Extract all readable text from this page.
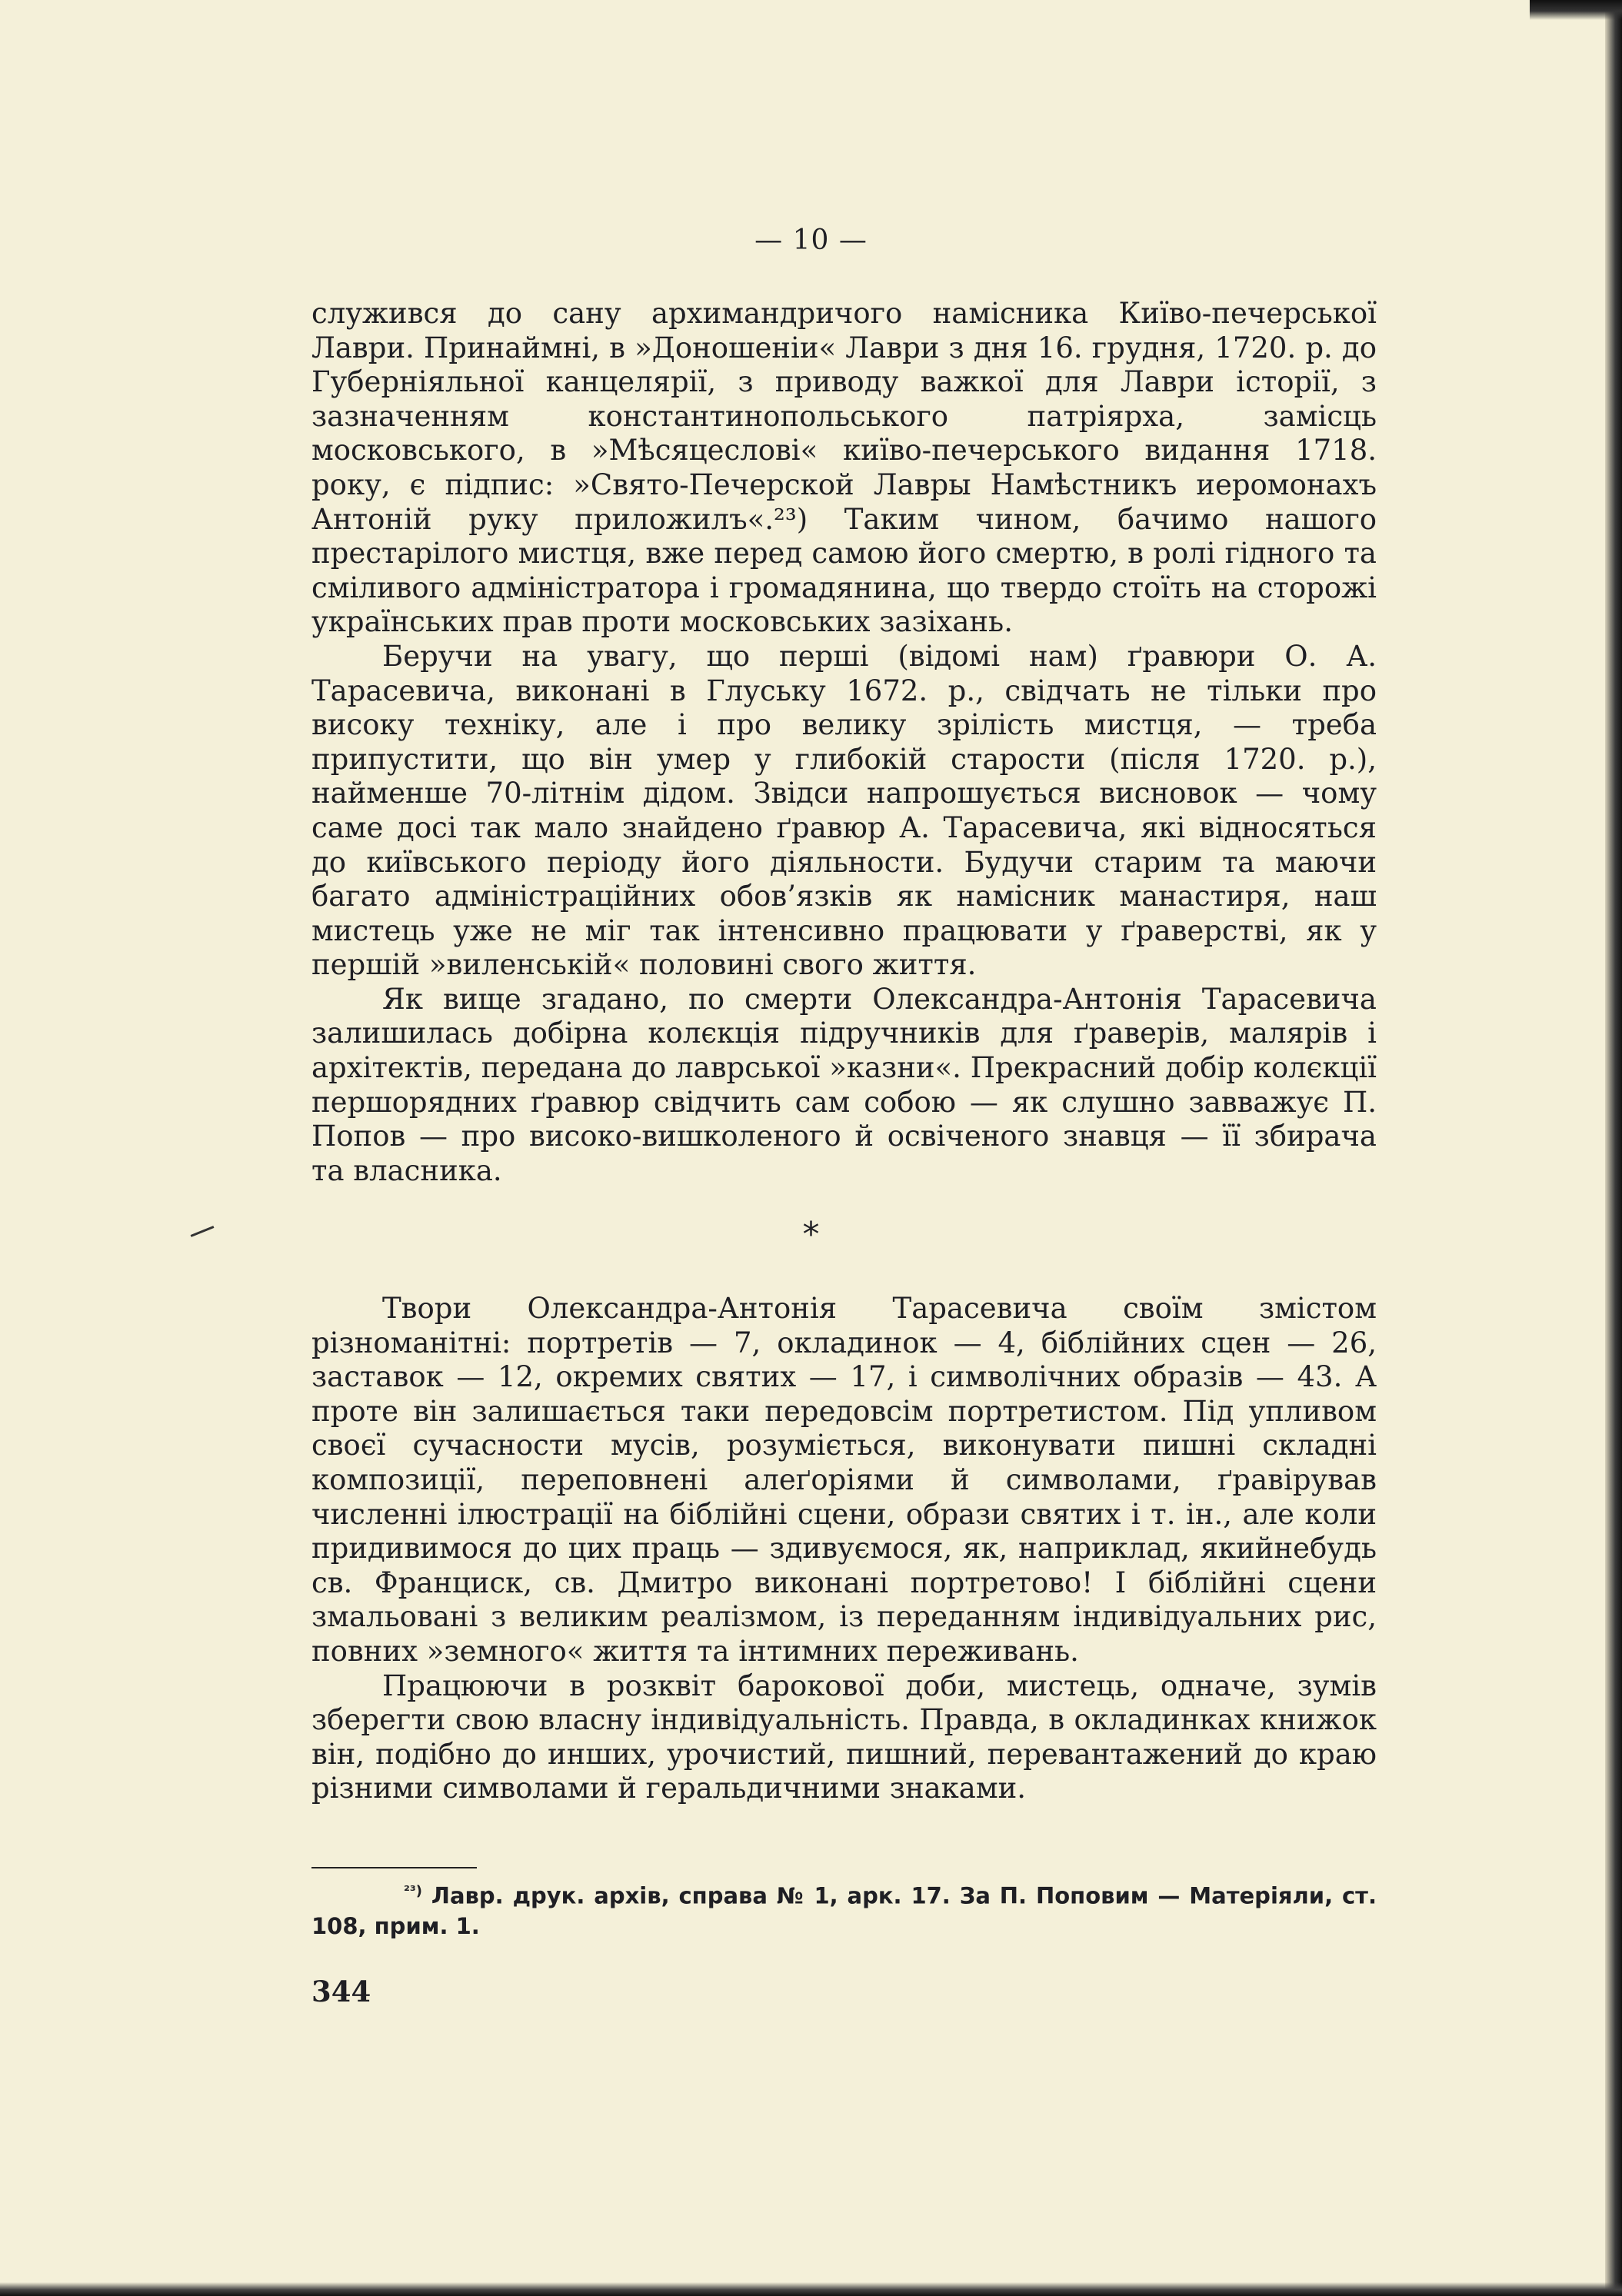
— 10 —

служився до сану архимандричого намісника Київо-печерської Лаври. Принаймні, в »Доношеніи« Лаври з дня 16. грудня, 1720. р. до Губерніяльної канцелярії, з приводу важкої для Лаври історії, з зазначенням константинопольського патріярха, замісць московського, в »Мѣсяцеслові« київо-печерського видання 1718. року, є підпис: »Свято-Печерской Лавры Намѣстникъ иеромонахъ Антоній руку приложилъ«.²³) Таким чином, бачимо нашого престарілого мистця, вже перед самою його смертю, в ролі гідного та сміливого адміністратора і громадянина, що твердо стоїть на сторожі українських прав проти московських зазіхань.

Беручи на увагу, що перші (відомі нам) ґравюри О. А. Тарасевича, виконані в Глуську 1672. р., свідчать не тільки про високу техніку, але і про велику зрілість мистця, — треба припустити, що він умер у глибокій старости (після 1720. р.), найменше 70-літнім дідом. Звідси напрошується висновок — чому саме досі так мало знайдено ґравюр А. Тарасевича, які відносяться до київського періоду його діяльности. Будучи старим та маючи багато адміністраційних обов’язків як намісник манастиря, наш мистець уже не міг так інтенсивно працювати у ґраверстві, як у першій »виленській« половині свого життя.

Як вище згадано, по смерти Олександра-Антонія Тарасевича залишилась добірна колєкція підручників для ґраверів, малярів і архітектів, передана до лаврської »казни«. Прекрасний добір колєкції першорядних ґравюр свідчить сам собою — як слушно завважує П. Попов — про високо-вишколеного й освіченого знавця — її збирача та власника.

*

Твори Олександра-Антонія Тарасевича своїм змістом різноманітні: портретів — 7, окладинок — 4, біблійних сцен — 26, заставок — 12, окремих святих — 17, і символічних образів — 43. А проте він залишається таки передовсім портретистом. Під упливом своєї сучасности мусів, розуміється, виконувати пишні складні композиції, переповнені алеґоріями й символами, ґравірував численні ілюстрації на біблійні сцени, образи святих і т. ін., але коли придивимося до цих праць — здивуємося, як, наприклад, якийнебудь св. Франциск, св. Дмитро виконані портретово! І біблійні сцени змальовані з великим реалізмом, із переданням індивідуальних рис, повних »земного« життя та інтимних переживань.

Працюючи в розквіт барокової доби, мистець, одначе, зумів зберегти свою власну індивідуальність. Правда, в окладинках книжок він, подібно до инших, урочистий, пишний, перевантажений до краю різними символами й геральдичними знаками.

$^{^{23})}$ Лавр. друк. архів, справа № 1, арк. 17. За П. Поповим — Матеріяли, ст. 108, прим. 1.
344
